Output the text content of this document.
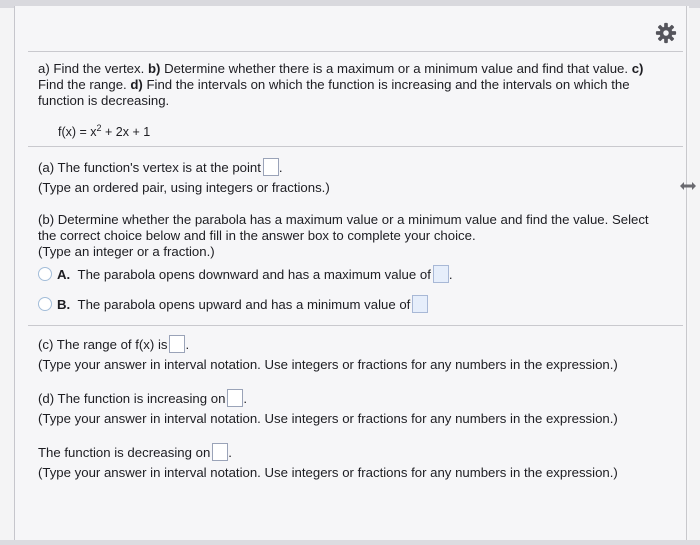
a) Find the vertex. b) Determine whether there is a maximum or a minimum value and find that value. c)
Find the range. d) Find the intervals on which the function is increasing and the intervals on which the
function is decreasing.
$f(x) = x^2 + 2x + 1$
(a) The function's vertex is at the point .
(Type an ordered pair, using integers or fractions.)
(b) Determine whether the parabola has a maximum value or a minimum value and find the value. Select
the correct choice below and fill in the answer box to complete your choice.
(Type an integer or a fraction.)
A. The parabola opens downward and has a maximum value of .
B. The parabola opens upward and has a minimum value of
(c) The range of f(x) is .
(Type your answer in interval notation. Use integers or fractions for any numbers in the expression.)
(d) The function is increasing on .
(Type your answer in interval notation. Use integers or fractions for any numbers in the expression.)
The function is decreasing on .
(Type your answer in interval notation. Use integers or fractions for any numbers in the expression.)
